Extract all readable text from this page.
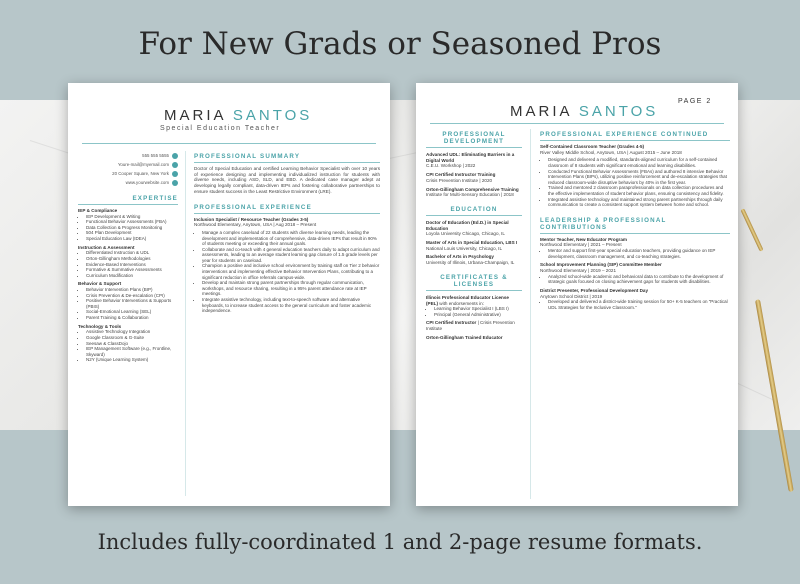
For New Grads or Seasoned Pros
MARIA SANTOS
Special Education Teacher
555 555 5555
Youre-mail@myemail.com
20 Cooper Square, New York
www.yourwebsite.com
EXPERTISE
IEP & Compliance
• IEP Development & Writing
• Functional Behavior Assessments (FBA)
• Data Collection & Progress Monitoring
• 504 Plan Development
• Special Education Law (IDEA)
Instruction & Assessment
• Differentiated Instruction & UDL
• Orton-Gillingham Methodologies
• Evidence-Based Interventions
• Formative & Summative Assessments
• Curriculum Modification
Behavior & Support
• Behavior Intervention Plans (BIP)
• Crisis Prevention & De-escalation (CPI)
• Positive Behavior Interventions & Supports (PBIS)
• Social-Emotional Learning (SEL)
• Parent Training & Collaboration
Technology & Tools
• Assistive Technology Integration
• Google Classroom & G-Suite
• Seesaw & ClassDojo
• IEP Management Software (e.g., Frontline, Skyward)
• N2Y (Unique Learning System)
PROFESSIONAL SUMMARY
Doctor of Special Education and certified Learning Behavior Specialist with over 10 years of experience designing and implementing individualized instruction for students with diverse needs, including ASD, SLD, and EBD. A dedicated case manager adept at developing legally compliant, data-driven IEPs and fostering collaborative partnerships to ensure student success in the Least Restrictive Environment (LRE).
PROFESSIONAL EXPERIENCE
Inclusion Specialist / Resource Teacher (Grades 3-5)
Northwood Elementary, Anytown, USA | Aug 2018 – Present
• Manage a complex caseload of 22 students with diverse learning needs, leading the development and implementation of comprehensive, data-driven IEPs that result in 90% of students meeting or exceeding their annual goals.
• Collaborate and co-teach with 4 general education teachers daily to adapt curriculum and assessments, leading to an average student learning gap closure of 1.5 grade levels per year for students on caseload.
• Champion a positive and inclusive school environment by training staff on Tier 2 behavior interventions and implementing effective Behavior Intervention Plans, contributing to a significant reduction in office referrals campus-wide.
• Develop and maintain strong parent partnerships through regular communication, workshops, and resource sharing, resulting in a 95% parent attendance rate at IEP meetings.
• Integrate assistive technology, including text-to-speech software and alternative keyboards, to increase student access to the general curriculum and foster academic independence.
MARIA SANTOS
PAGE 2
PROFESSIONAL DEVELOPMENT
Advanced UDL: Eliminating Barriers in a Digital World
C.E.U. Workshop | 2022
CPI Certified Instructor Training
Crisis Prevention Institute | 2020
Orton-Gillingham Comprehensive Training
Institute for Multi-Sensory Education | 2018
EDUCATION
Doctor of Education (Ed.D.) in Special Education
Loyola University Chicago, Chicago, IL
Master of Arts in Special Education, LBS I
National Louis University, Chicago, IL
Bachelor of Arts in Psychology
University of Illinois, Urbana-Champaign, IL
CERTIFICATES & LICENSES
Illinois Professional Educator License (PEL) with endorsements in:
• Learning Behavior Specialist I (LBS I)
• Principal (General Administrative)
CPI Certified Instructor | Crisis Prevention Institute
Orton-Gillingham Trained Educator
PROFESSIONAL EXPERIENCE CONTINUED
Self-Contained Classroom Teacher (Grades 4-5)
River Valley Middle School, Anytown, USA | August 2015 – June 2018
• Designed and delivered a modified, standards-aligned curriculum for a self-contained classroom of 8 students with significant emotional and learning disabilities.
• Conducted Functional Behavior Assessments (FBAs) and authored 8 intensive Behavior Intervention Plans (BIPs), utilizing positive reinforcement and de-escalation strategies that reduced classroom-wide disruptive behaviors by 40% in the first year.
• Trained and mentored 2 classroom paraprofessionals on data collection procedures and the effective implementation of student behavior plans, ensuring consistency and fidelity.
• Integrated assistive technology and maintained strong parent partnerships through daily communication to create a consistent support system between home and school.
LEADERSHIP & PROFESSIONAL CONTRIBUTIONS
Mentor Teacher, New Educator Program
Northwood Elementary | 2021 – Present
• Mentor and support first-year special education teachers, providing guidance on IEP development, classroom management, and co-teaching strategies.
School Improvement Planning (SIP) Committee Member
Northwood Elementary | 2019 – 2021
• Analyzed school-wide academic and behavioral data to contribute to the development of strategic goals focused on closing achievement gaps for students with disabilities.
District Presenter, Professional Development Day
Anytown School District | 2019
• Developed and delivered a district-wide training session for 50+ K-5 teachers on "Practical UDL Strategies for the Inclusive Classroom."
Includes fully-coordinated 1 and 2-page resume formats.
